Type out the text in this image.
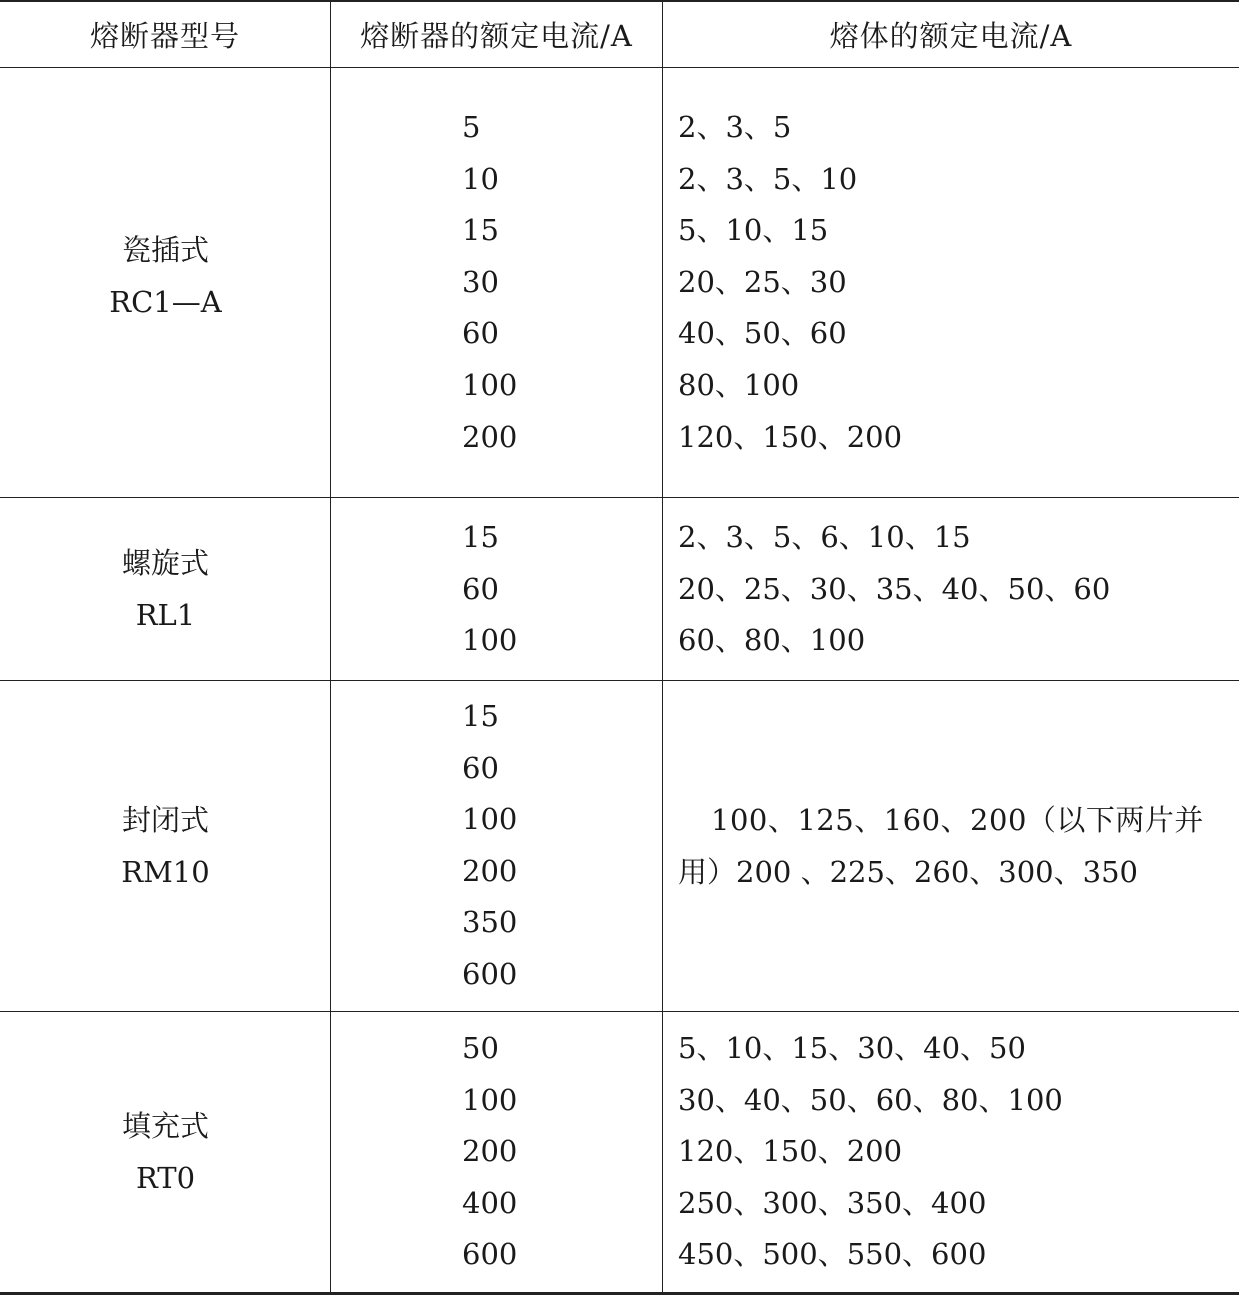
熔断器型号	熔断器的额定电流/A	熔体的额定电流/A
瓷插式
RC1—A
5
10
15
30
60
100
200
2、3、5
2、3、5、10
5、10、15
20、25、30
40、50、60
80、100
120、150、200
螺旋式
RL1
15
60
100
2、3、5、6、10、15
20、25、30、35、40、50、60
60、80、100
封闭式
RM10
15
60
100
200
350
600
100、125、160、200（以下两片并
用）200 、225、260、300、350
填充式
RT0
50
100
200
400
600
5、10、15、30、40、50
30、40、50、60、80、100
120、150、200
250、300、350、400
450、500、550、600
